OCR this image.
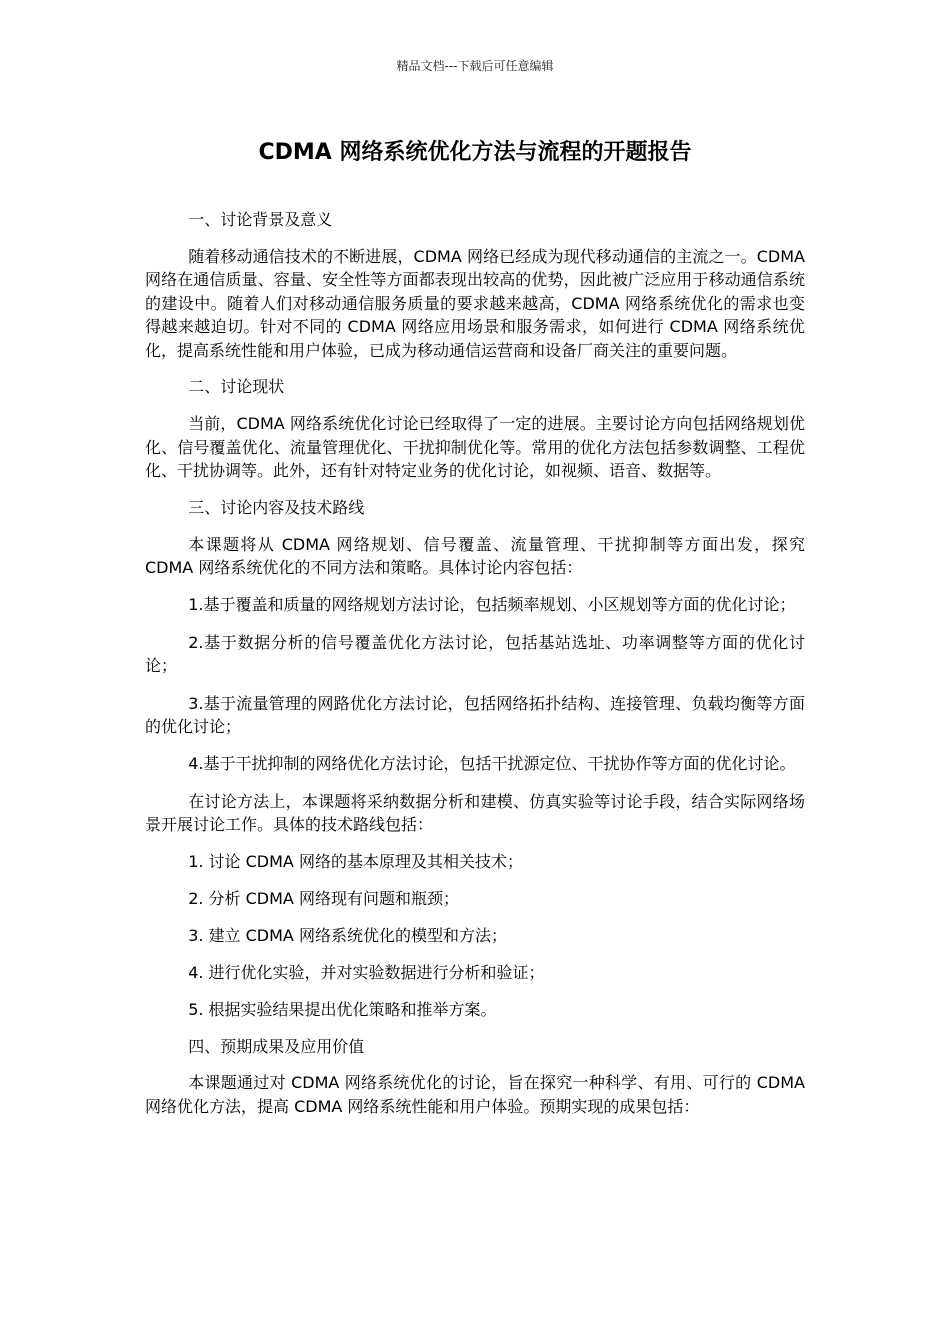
精品文档---下载后可任意编辑
CDMA 网络系统优化方法与流程的开题报告

一、讨论背景及意义

随着移动通信技术的不断进展，CDMA 网络已经成为现代移动通信的主流之一。CDMA 网络在通信质量、容量、安全性等方面都表现出较高的优势，因此被广泛应用于移动通信系统的建设中。随着人们对移动通信服务质量的要求越来越高，CDMA 网络系统优化的需求也变得越来越迫切。针对不同的 CDMA 网络应用场景和服务需求，如何进行 CDMA 网络系统优化，提高系统性能和用户体验，已成为移动通信运营商和设备厂商关注的重要问题。

二、讨论现状

当前，CDMA 网络系统优化讨论已经取得了一定的进展。主要讨论方向包括网络规划优化、信号覆盖优化、流量管理优化、干扰抑制优化等。常用的优化方法包括参数调整、工程优化、干扰协调等。此外，还有针对特定业务的优化讨论，如视频、语音、数据等。

三、讨论内容及技术路线

本课题将从 CDMA 网络规划、信号覆盖、流量管理、干扰抑制等方面出发，探究 CDMA 网络系统优化的不同方法和策略。具体讨论内容包括：

1.基于覆盖和质量的网络规划方法讨论，包括频率规划、小区规划等方面的优化讨论；

2.基于数据分析的信号覆盖优化方法讨论，包括基站选址、功率调整等方面的优化讨论；

3.基于流量管理的网路优化方法讨论，包括网络拓扑结构、连接管理、负载均衡等方面的优化讨论；

4.基于干扰抑制的网络优化方法讨论，包括干扰源定位、干扰协作等方面的优化讨论。

在讨论方法上，本课题将采纳数据分析和建模、仿真实验等讨论手段，结合实际网络场景开展讨论工作。具体的技术路线包括：

1. 讨论 CDMA 网络的基本原理及其相关技术；

2. 分析 CDMA 网络现有问题和瓶颈；

3. 建立 CDMA 网络系统优化的模型和方法；

4. 进行优化实验，并对实验数据进行分析和验证；

5. 根据实验结果提出优化策略和推举方案。

四、预期成果及应用价值

本课题通过对 CDMA 网络系统优化的讨论，旨在探究一种科学、有用、可行的 CDMA 网络优化方法，提高 CDMA 网络系统性能和用户体验。预期实现的成果包括：
